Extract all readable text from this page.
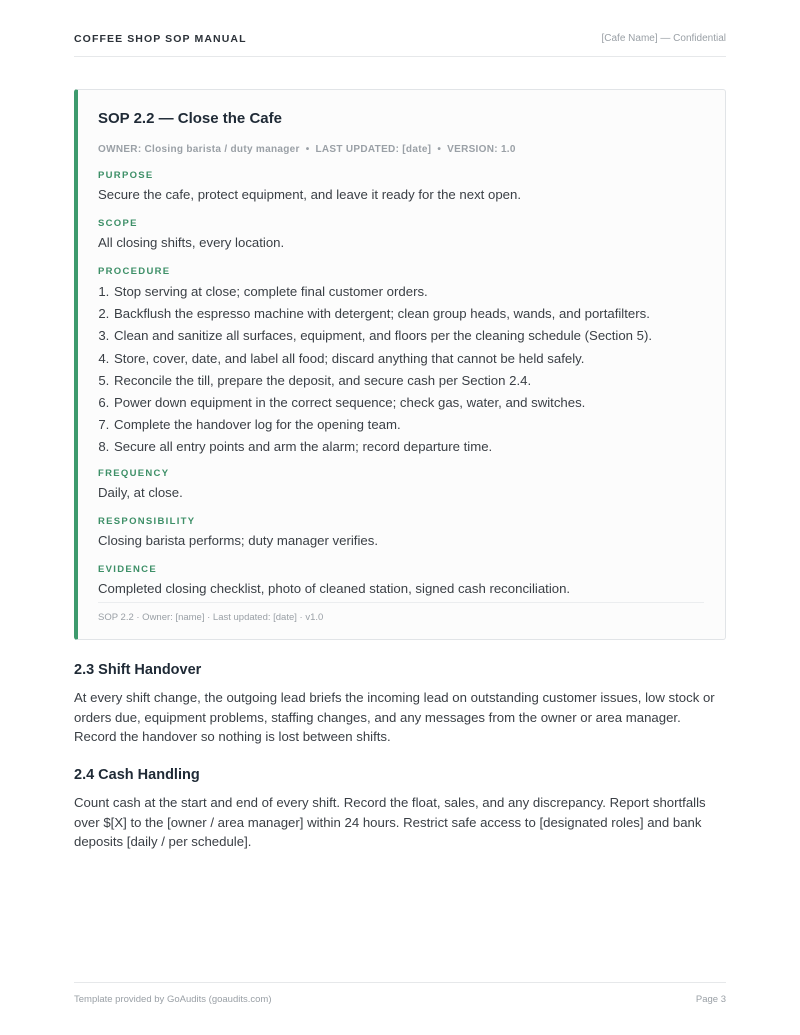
COFFEE SHOP SOP MANUAL	[Cafe Name] — Confidential
SOP 2.2 — Close the Cafe
OWNER: Closing barista / duty manager • LAST UPDATED: [date] • VERSION: 1.0
PURPOSE
Secure the cafe, protect equipment, and leave it ready for the next open.
SCOPE
All closing shifts, every location.
PROCEDURE
1. Stop serving at close; complete final customer orders.
2. Backflush the espresso machine with detergent; clean group heads, wands, and portafilters.
3. Clean and sanitize all surfaces, equipment, and floors per the cleaning schedule (Section 5).
4. Store, cover, date, and label all food; discard anything that cannot be held safely.
5. Reconcile the till, prepare the deposit, and secure cash per Section 2.4.
6. Power down equipment in the correct sequence; check gas, water, and switches.
7. Complete the handover log for the opening team.
8. Secure all entry points and arm the alarm; record departure time.
FREQUENCY
Daily, at close.
RESPONSIBILITY
Closing barista performs; duty manager verifies.
EVIDENCE
Completed closing checklist, photo of cleaned station, signed cash reconciliation.
SOP 2.2 · Owner: [name] · Last updated: [date] · v1.0
2.3 Shift Handover
At every shift change, the outgoing lead briefs the incoming lead on outstanding customer issues, low stock or orders due, equipment problems, staffing changes, and any messages from the owner or area manager. Record the handover so nothing is lost between shifts.
2.4 Cash Handling
Count cash at the start and end of every shift. Record the float, sales, and any discrepancy. Report shortfalls over $[X] to the [owner / area manager] within 24 hours. Restrict safe access to [designated roles] and bank deposits [daily / per schedule].
Template provided by GoAudits (goaudits.com)	Page 3
